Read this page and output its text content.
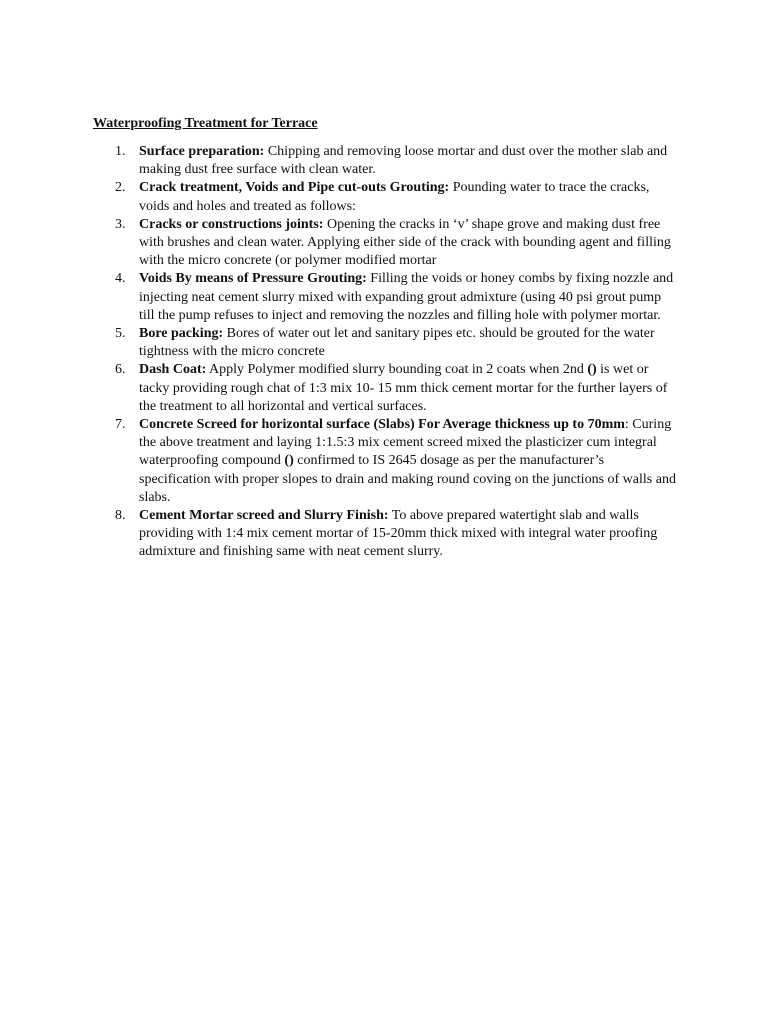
Waterproofing Treatment for Terrace
1. Surface preparation: Chipping and removing loose mortar and dust over the mother slab and making dust free surface with clean water.
2. Crack treatment, Voids and Pipe cut-outs Grouting: Pounding water to trace the cracks, voids and holes and treated as follows:
3. Cracks or constructions joints: Opening the cracks in ‘v’ shape grove and making dust free with brushes and clean water. Applying either side of the crack with bounding agent and filling with the micro concrete (or polymer modified mortar
4. Voids By means of Pressure Grouting: Filling the voids or honey combs by fixing nozzle and injecting neat cement slurry mixed with expanding grout admixture (using 40 psi grout pump till the pump refuses to inject and removing the nozzles and filling hole with polymer mortar.
5. Bore packing: Bores of water out let and sanitary pipes etc. should be grouted for the water tightness with the micro concrete
6. Dash Coat: Apply Polymer modified slurry bounding coat in 2 coats when 2nd () is wet or tacky providing rough chat of 1:3 mix 10- 15 mm thick cement mortar for the further layers of the treatment to all horizontal and vertical surfaces.
7. Concrete Screed for horizontal surface (Slabs) For Average thickness up to 70mm: Curing the above treatment and laying 1:1.5:3 mix cement screed mixed the plasticizer cum integral waterproofing compound () confirmed to IS 2645 dosage as per the manufacturer’s specification with proper slopes to drain and making round coving on the junctions of walls and slabs.
8. Cement Mortar screed and Slurry Finish: To above prepared watertight slab and walls providing with 1:4 mix cement mortar of 15-20mm thick mixed with integral water proofing admixture and finishing same with neat cement slurry.
